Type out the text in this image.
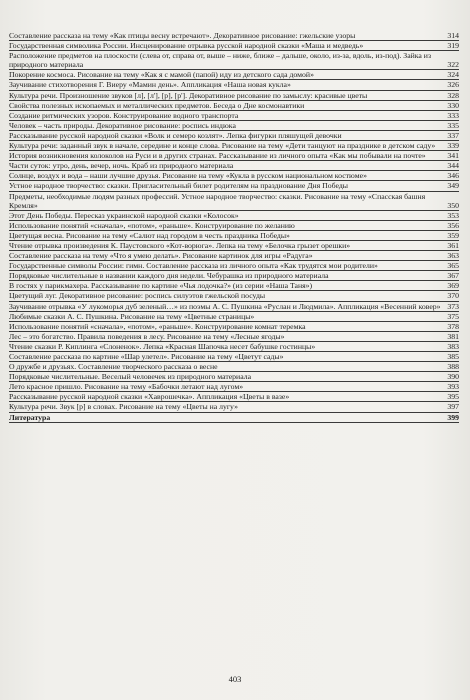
Составление рассказа на тему «Как птицы весну встречают». Декоративное рисование: гжельские узоры	314
Государственная символика России. Инсценирование отрывка русской народной сказки «Маша и медведь»	319
Расположение предметов на плоскости (слева от, справа от, выше – ниже, ближе – дальше, около, из-за, вдоль, из-под). Зайка из природного материала	322
Покорение космоса. Рисование на тему «Как я с мамой (папой) иду из детского сада домой»	324
Заучивание стихотворения Г. Виеру «Мамин день». Аппликация «Наша новая кукла»	326
Культура речи. Произношение звуков [л], [л'], [р], [р']. Декоративное рисование по замыслу: красивые цветы	328
Свойства полезных ископаемых и металлических предметов. Беседа о Дне космонавтики	330
Создание ритмических узоров. Конструирование водного транспорта	333
Человек – часть природы. Декоративное рисование: роспись индюка	335
Рассказывание русской народной сказки «Волк и семеро козлят». Лепка фигурки пляшущей девочки	337
Культура речи: заданный звук в начале, середине и конце слова. Рисование на тему «Дети танцуют на празднике в детском саду»	339
История возникновения колоколов на Руси и в других странах. Рассказывание из личного опыта «Как мы побывали на почте»	341
Части суток: утро, день, вечер, ночь. Краб из природного материала	344
Солнце, воздух и вода – наши лучшие друзья. Рисование на тему «Кукла в русском национальном костюме»	346
Устное народное творчество: сказки. Пригласительный билет родителям на празднование Дня Победы	349
Предметы, необходимые людям разных профессий. Устное народное творчество: сказки. Рисование на тему «Спасская башня Кремля»	350
Этот День Победы. Пересказ украинской народной сказки «Колосок»	353
Использование понятий «сначала», «потом», «раньше». Конструирование по желанию	356
Цветущая весна. Рисование на тему «Салют над городом в честь праздника Победы»	359
Чтение отрывка произведения К. Паустовского «Кот-ворюга». Лепка на тему «Белочка грызет орешки»	361
Составление рассказа на тему «Что я умею делать». Рисование картинок для игры «Радуга»	363
Государственные символы России: гимн. Составление рассказа из личного опыта «Как трудятся мои родители»	365
Порядковые числительные в названии каждого дня недели. Чебурашка из природного материала	367
В гостях у парикмахера. Рассказывание по картине «Чья лодочка?» (из серии «Наша Таня»)	369
Цветущий луг. Декоративное рисование: роспись силуэтов гжельской посуды	370
Заучивание отрывка «У лукоморья дуб зеленый…» из поэмы А. С. Пушкина «Руслан и Людмила». Аппликация «Весенний ковер» 373
Любимые сказки А. С. Пушкина. Рисование на тему «Цветные страницы»	375
Использование понятий «сначала», «потом», «раньше». Конструирование комнат теремка	378
Лес – это богатство. Правила поведения в лесу. Рисование на тему «Лесные ягоды»	381
Чтение сказки Р. Киплинга «Слоненок». Лепка «Красная Шапочка несет бабушке гостинцы»	383
Составление рассказа по картине «Шар улетел». Рисование на тему «Цветут сады»	385
О дружбе и друзьях. Составление творческого рассказа о весне	388
Порядковые числительные. Веселый человечек из природного материала	390
Лето красное пришло. Рисование на тему «Бабочки летают над лугом»	393
Рассказывание русской народной сказки «Хаврошечка». Аппликация «Цветы в вазе»	395
Культура речи. Звук [р] в словах. Рисование на тему «Цветы на лугу»	397
Литература	399
403
